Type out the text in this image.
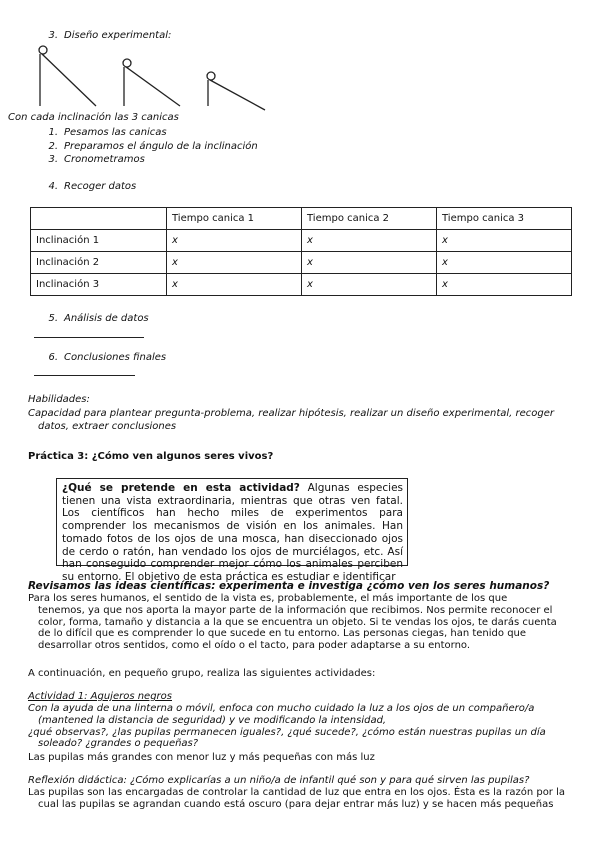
3. Diseño experimental:
Con cada inclinación las 3 canicas
1. Pesamos las canicas
2. Preparamos el ángulo de la inclinación
3. Cronometramos
4. Recoger datos
	Tiempo canica 1	Tiempo canica 2	Tiempo canica 3
Inclinación 1	x	x	x
Inclinación 2	x	x	x
Inclinación 3	x	x	x
5. Análisis de datos
6. Conclusiones finales
Habilidades:
Capacidad para plantear pregunta-problema, realizar hipótesis, realizar un diseño experimental, recoger
datos, extraer conclusiones
Práctica 3: ¿Cómo ven algunos seres vivos?
¿Qué se pretende en esta actividad? Algunas especies tienen una vista extraordinaria, mientras que otras ven fatal. Los científicos han hecho miles de experimentos para comprender los mecanismos de visión en los animales. Han tomado fotos de los ojos de una mosca, han diseccionado ojos de cerdo o ratón, han vendado los ojos de murciélagos, etc. Así han conseguido comprender mejor cómo los animales perciben su entorno. El objetivo de esta práctica es estudiar e identificar
Revisamos las ideas científicas: experimenta e investiga ¿cómo ven los seres humanos?
Para los seres humanos, el sentido de la vista es, probablemente, el más importante de los que
tenemos, ya que nos aporta la mayor parte de la información que recibimos. Nos permite reconocer el
color, forma, tamaño y distancia a la que se encuentra un objeto. Si te vendas los ojos, te darás cuenta
de lo difícil que es comprender lo que sucede en tu entorno. Las personas ciegas, han tenido que
desarrollar otros sentidos, como el oído o el tacto, para poder adaptarse a su entorno.
A continuación, en pequeño grupo, realiza las siguientes actividades:
Actividad 1: Agujeros negros
Con la ayuda de una linterna o móvil, enfoca con mucho cuidado la luz a los ojos de un compañero/a
(mantened la distancia de seguridad) y ve modificando la intensidad,
¿qué observas?, ¿las pupilas permanecen iguales?, ¿qué sucede?, ¿cómo están nuestras pupilas un día
soleado? ¿grandes o pequeñas?
Las pupilas más grandes con menor luz y más pequeñas con más luz
Reflexión didáctica: ¿Cómo explicarías a un niño/a de infantil qué son y para qué sirven las pupilas?
Las pupilas son las encargadas de controlar la cantidad de luz que entra en los ojos. Ésta es la razón por la
cual las pupilas se agrandan cuando está oscuro (para dejar entrar más luz) y se hacen más pequeñas
